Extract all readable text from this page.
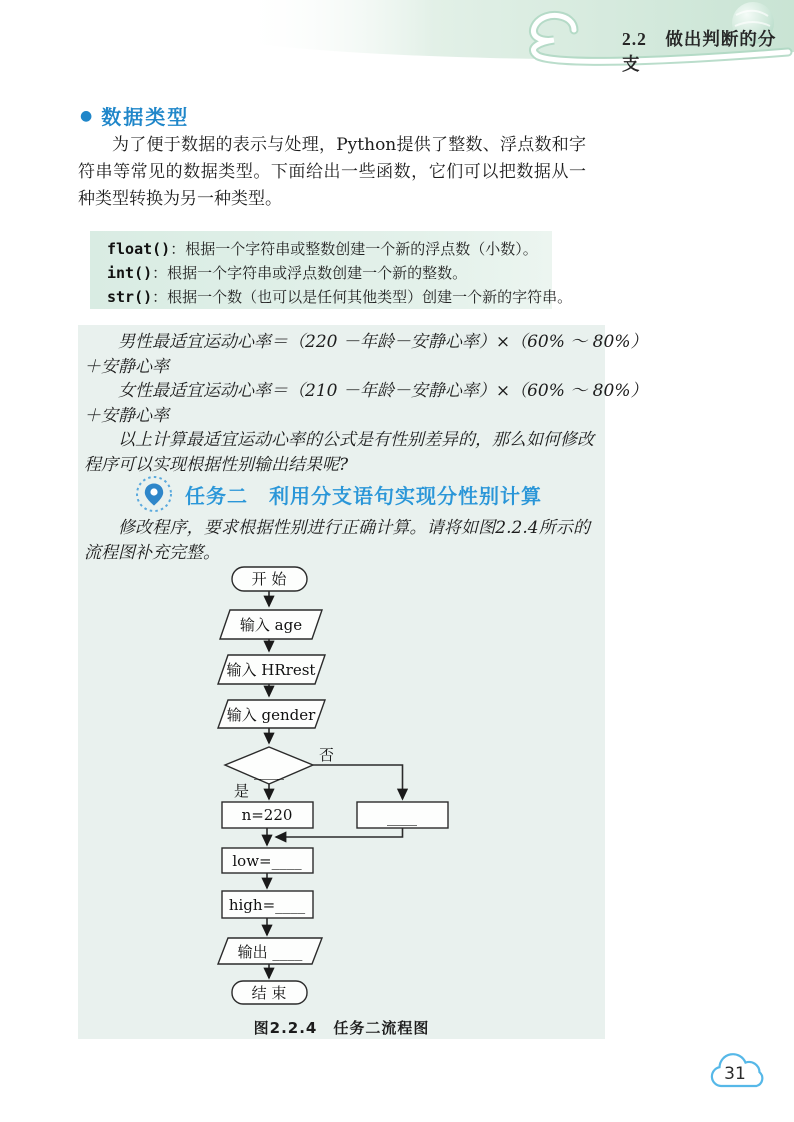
2.2　做出判断的分支
● 数据类型
为了便于数据的表示与处理，Python提供了整数、浮点数和字符串等常见的数据类型。下面给出一些函数，它们可以把数据从一种类型转换为另一种类型。
float()：根据一个字符串或整数创建一个新的浮点数（小数）。
int()：根据一个字符串或浮点数创建一个新的整数。
str()：根据一个数（也可以是任何其他类型）创建一个新的字符串。
男性最适宜运动心率＝（220 －年龄－安静心率）×（60% ～ 80%）
＋安静心率
女性最适宜运动心率＝（210 －年龄－安静心率）×（60% ～ 80%）
＋安静心率
以上计算最适宜运动心率的公式是有性别差异的，那么如何修改
程序可以实现根据性别输出结果呢?
任务二　利用分支语句实现分性别计算
修改程序，要求根据性别进行正确计算。请将如图2.2.4所示的流程图补充完整。
开 始
输入 age
输入 HRrest
输入 gender
____
否
是
n=220	____
low=____
high=____
输出 ____
结 束
图2.2.4　任务二流程图
31
